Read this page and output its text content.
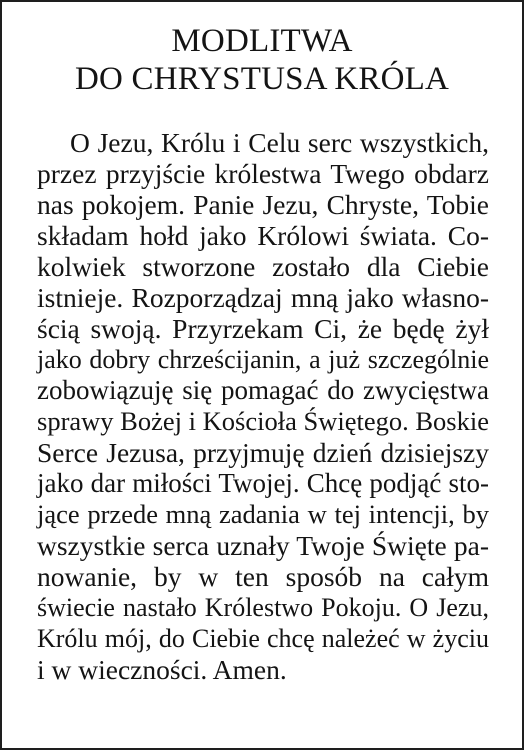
MODLITWA
DO CHRYSTUSA KRÓLA
O Jezu, Królu i Celu serc wszystkich,
przez przyjście królestwa Twego obdarz
nas pokojem. Panie Jezu, Chryste, Tobie
składam hołd jako Królowi świata. Co-
kolwiek stworzone zostało dla Ciebie
istnieje. Rozporządzaj mną jako własno-
ścią swoją. Przyrzekam Ci, że będę żył
jako dobry chrześcijanin, a już szczególnie
zobowiązuję się pomagać do zwycięstwa
sprawy Bożej i Kościoła Świętego. Boskie
Serce Jezusa, przyjmuję dzień dzisiejszy
jako dar miłości Twojej. Chcę podjąć sto-
jące przede mną zadania w tej intencji, by
wszystkie serca uznały Twoje Święte pa-
nowanie, by w ten sposób na całym
świecie nastało Królestwo Pokoju. O Jezu,
Królu mój, do Ciebie chcę należeć w życiu
i w wieczności. Amen.
